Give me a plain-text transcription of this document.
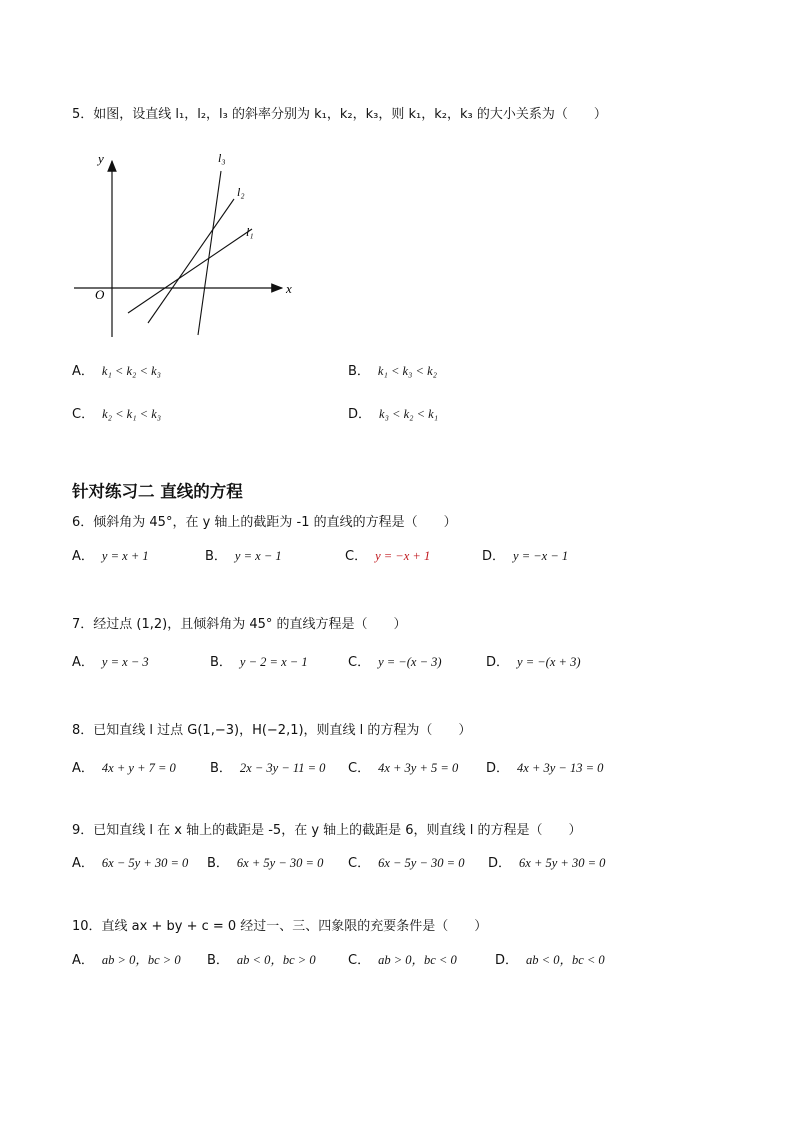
5．如图，设直线 l₁，l₂，l₃ 的斜率分别为 k₁，k₂，k₃，则 k₁，k₂，k₃ 的大小关系为（　　）
y
x
O
l₁
l₂
l₃
A． k₁ < k₂ < k₃	B． k₁ < k₃ < k₂
C． k₂ < k₁ < k₃	D． k₃ < k₂ < k₁
针对练习二 直线的方程
6．倾斜角为 45°，在 y 轴上的截距为 -1 的直线的方程是（　　）
A． y = x + 1	B． y = x − 1	C． y = −x + 1	D． y = −x − 1
7．经过点 (1,2)，且倾斜角为 45° 的直线方程是（　　）
A． y = x − 3	B． y − 2 = x − 1	C． y = −(x − 3)	D． y = −(x + 3)
8．已知直线 l 过点 G(1,−3)，H(−2,1)，则直线 l 的方程为（　　）
A． 4x + y + 7 = 0	B． 2x − 3y − 11 = 0 C． 4x + 3y + 5 = 0 D． 4x + 3y − 13 = 0
9．已知直线 l 在 x 轴上的截距是 -5，在 y 轴上的截距是 6，则直线 l 的方程是（　　）
A． 6x − 5y + 30 = 0 B． 6x + 5y − 30 = 0 C． 6x − 5y − 30 = 0 D． 6x + 5y + 30 = 0
10．直线 ax + by + c = 0 经过一、三、四象限的充要条件是（　　）
A． ab > 0，bc > 0 B． ab < 0，bc > 0 C． ab > 0，bc < 0	D． ab < 0，bc < 0
